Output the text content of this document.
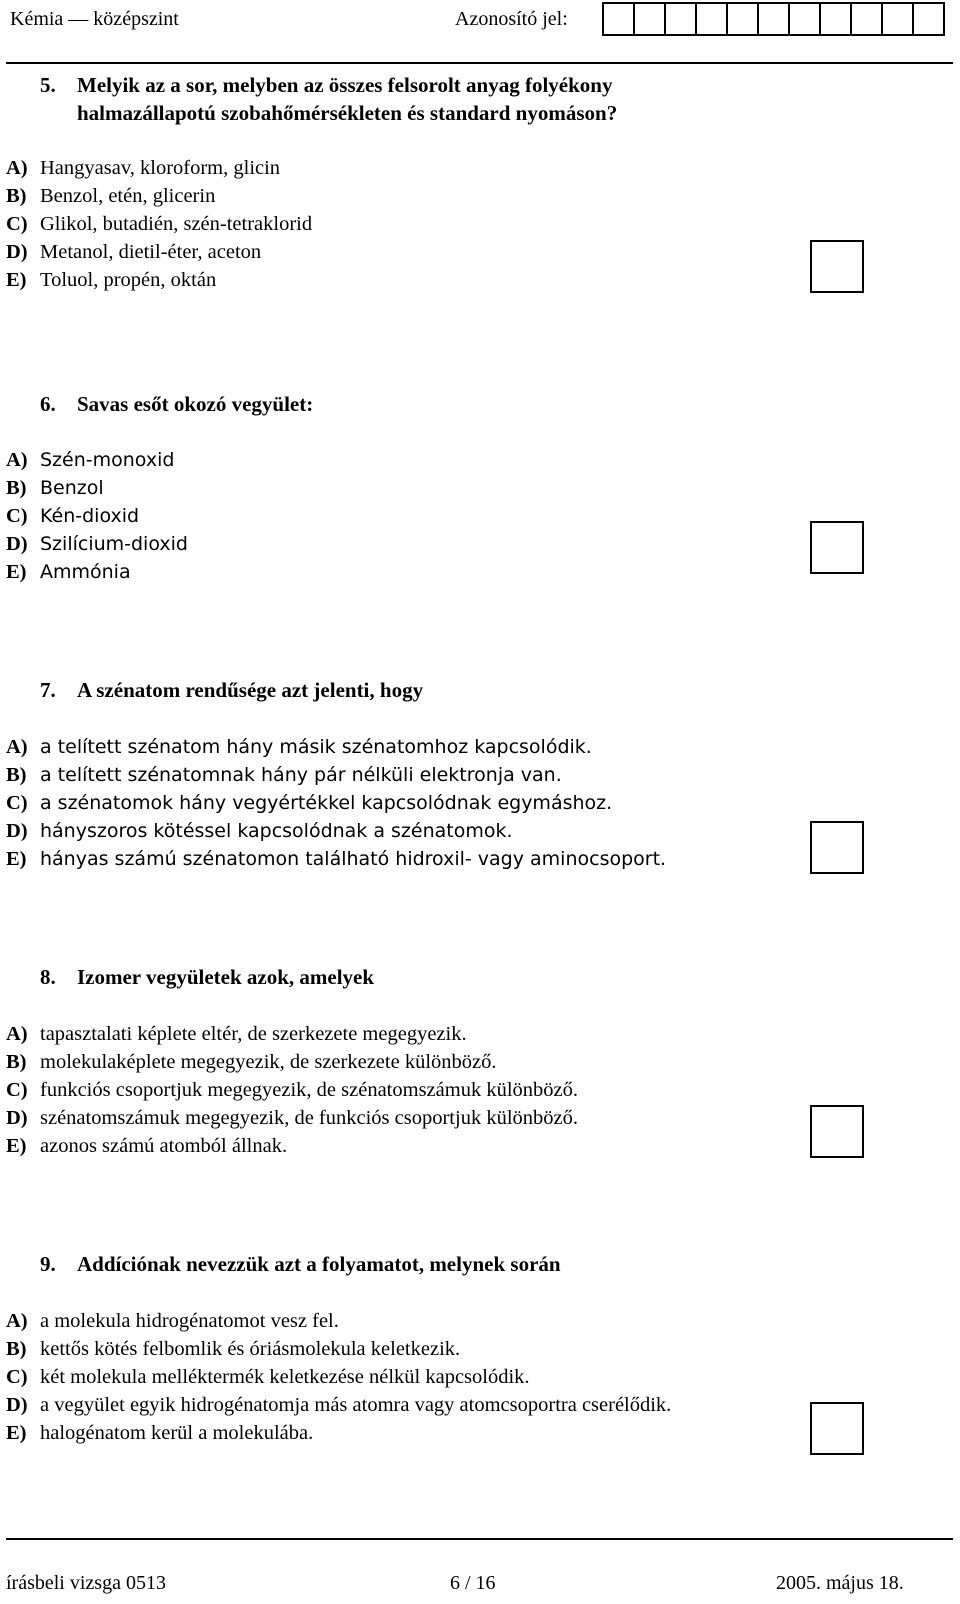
Kémia — középszint	Azonosító jel:
5. Melyik az a sor, melyben az összes felsorolt anyag folyékony
halmazállapotú szobahőmérsékleten és standard nyomáson?
A) Hangyasav, kloroform, glicin
B) Benzol, etén, glicerin
C) Glikol, butadién, szén-tetraklorid
D) Metanol, dietil-éter, aceton
E) Toluol, propén, oktán
6. Savas esőt okozó vegyület:
A) Szén-monoxid
B) Benzol
C) Kén-dioxid
D) Szilícium-dioxid
E) Ammónia
7. A szénatom rendűsége azt jelenti, hogy
A) a telített szénatom hány másik szénatomhoz kapcsolódik.
B) a telített szénatomnak hány pár nélküli elektronja van.
C) a szénatomok hány vegyértékkel kapcsolódnak egymáshoz.
D) hányszoros kötéssel kapcsolódnak a szénatomok.
E) hányas számú szénatomon található hidroxil- vagy aminocsoport.
8. Izomer vegyületek azok, amelyek
A) tapasztalati képlete eltér, de szerkezete megegyezik.
B) molekulaképlete megegyezik, de szerkezete különböző.
C) funkciós csoportjuk megegyezik, de szénatomszámuk különböző.
D) szénatomszámuk megegyezik, de funkciós csoportjuk különböző.
E) azonos számú atomból állnak.
9. Addíciónak nevezzük azt a folyamatot, melynek során
A) a molekula hidrogénatomot vesz fel.
B) kettős kötés felbomlik és óriásmolekula keletkezik.
C) két molekula melléktermék keletkezése nélkül kapcsolódik.
D) a vegyület egyik hidrogénatomja más atomra vagy atomcsoportra cserélődik.
E) halogénatom kerül a molekulába.
írásbeli vizsga 0513	6 / 16	2005. május 18.
